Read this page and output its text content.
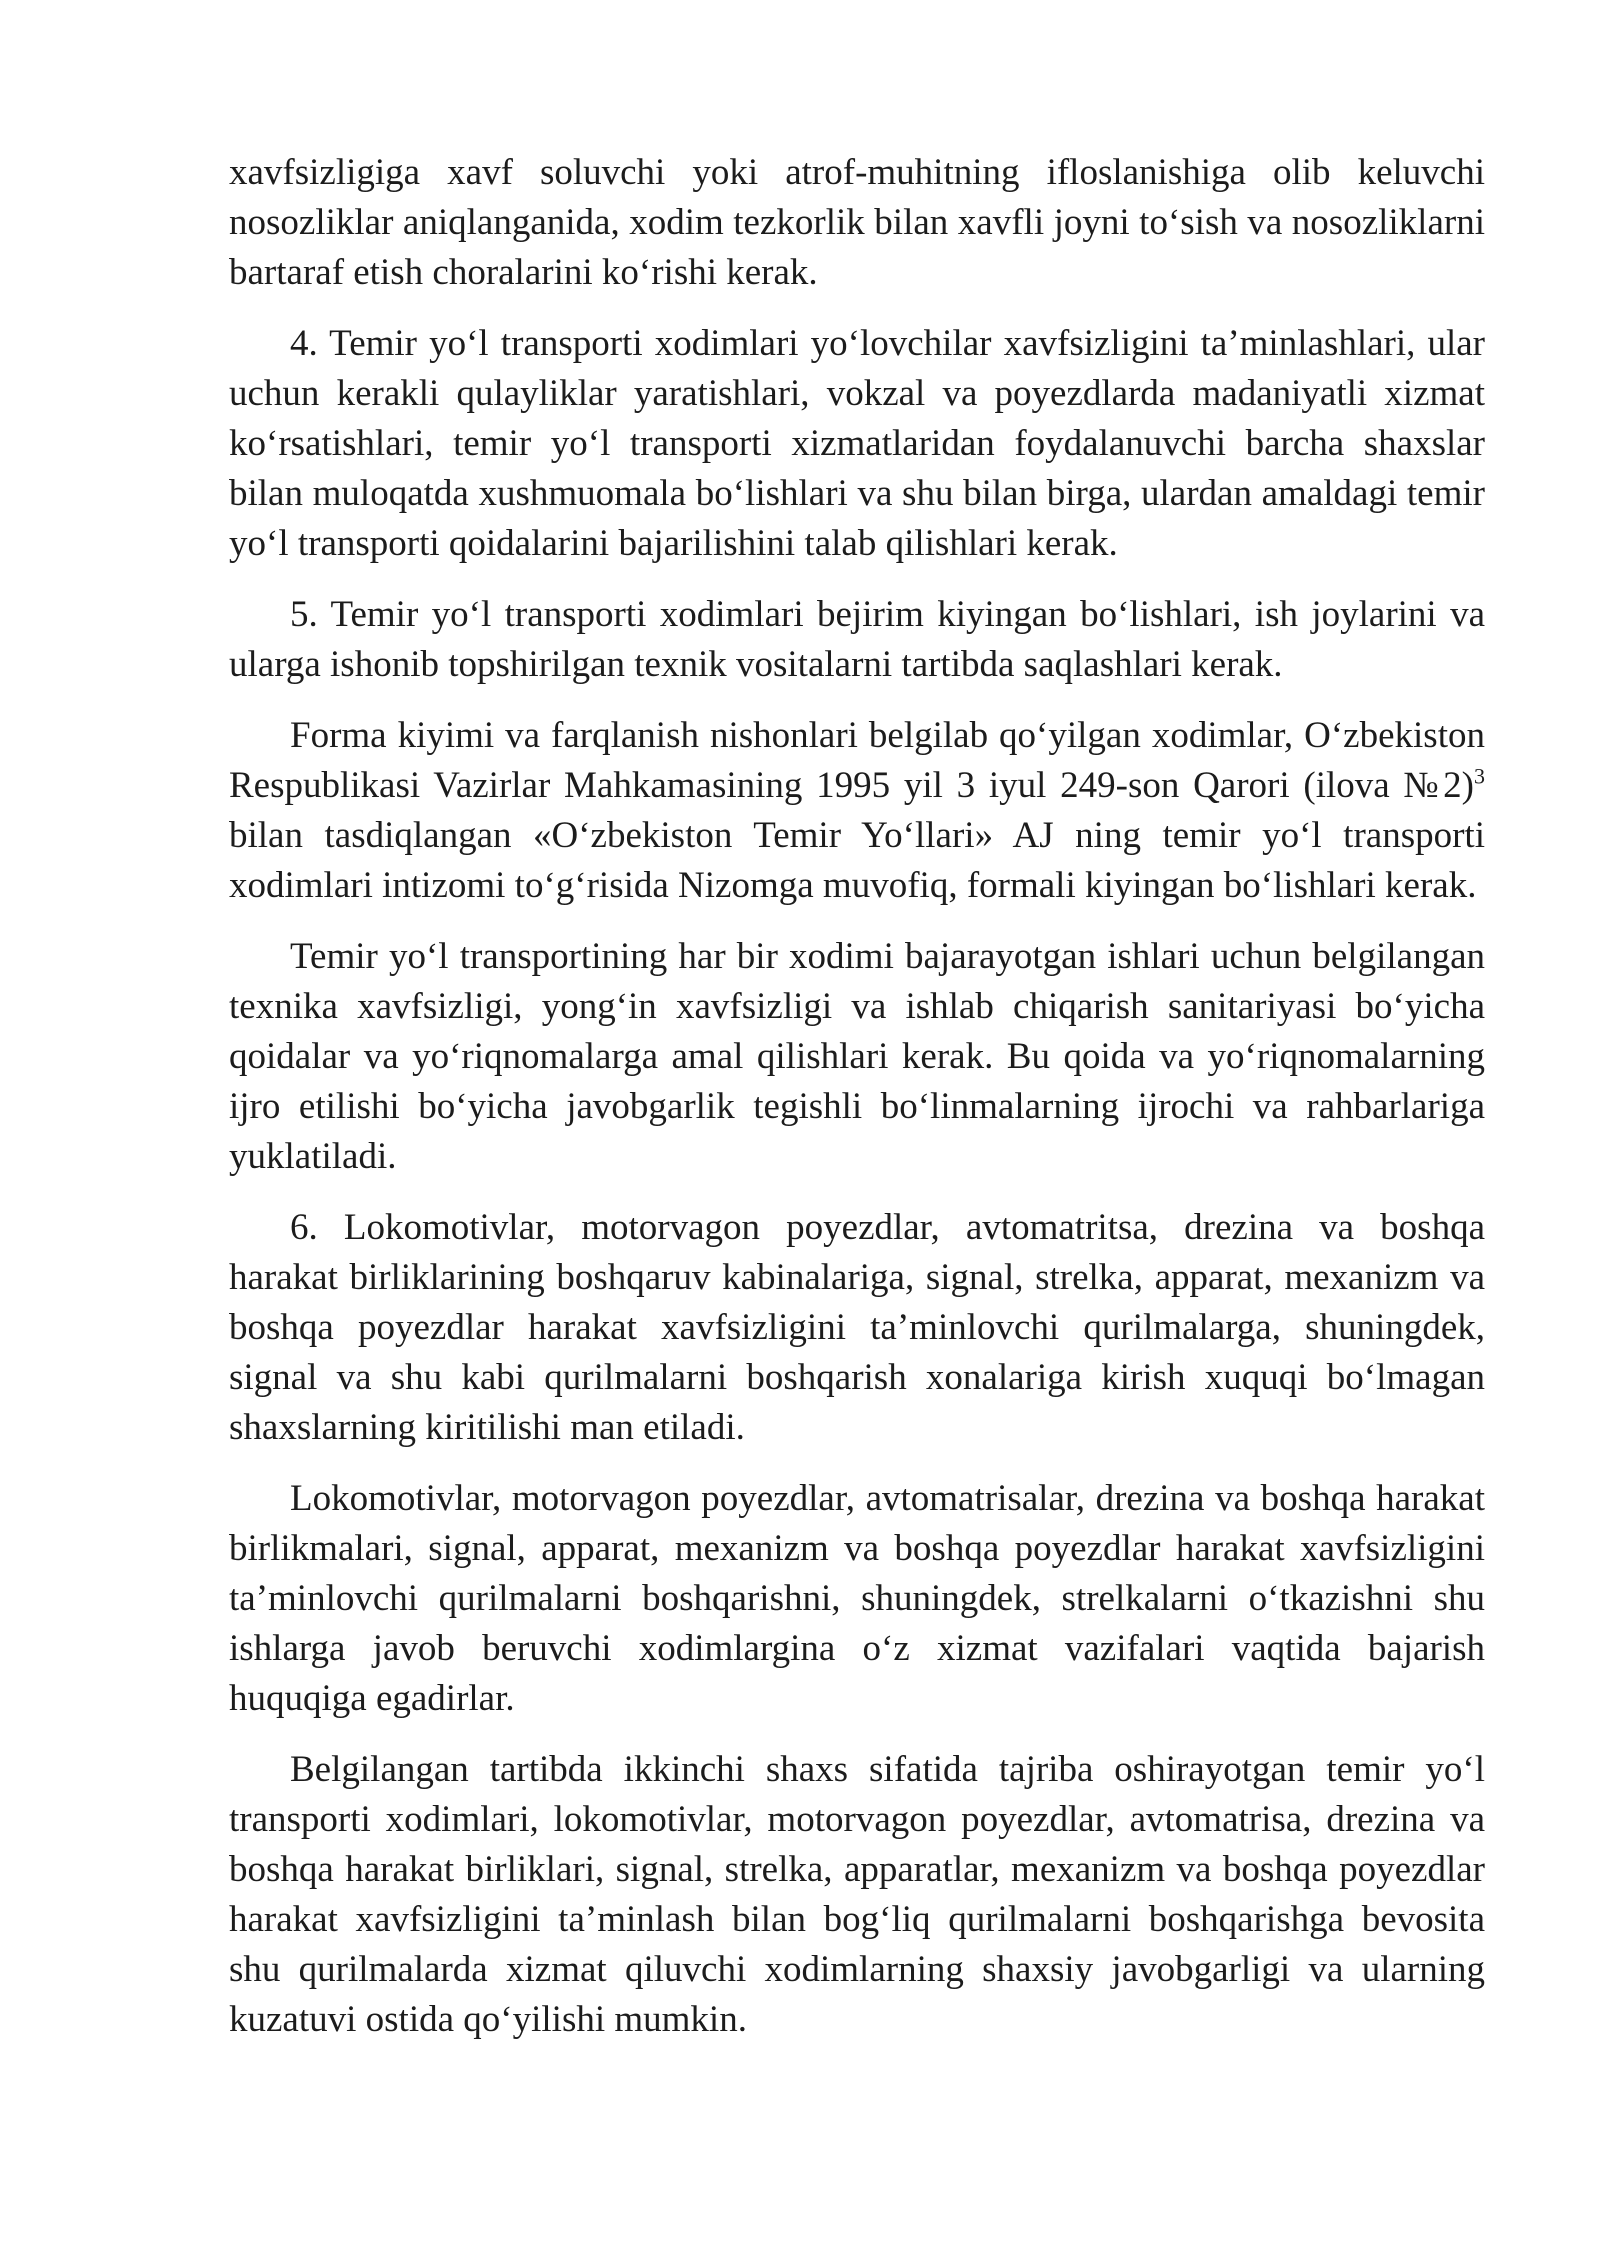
xavfsizligiga xavf soluvchi yoki atrof-muhitning ifloslanishiga olib keluvchi nosozliklar aniqlanganida, xodim tezkorlik bilan xavfli joyni to‘sish va nosozliklarni bartaraf etish choralarini ko‘rishi kerak.

4. Temir yo‘l transporti xodimlari yo‘lovchilar xavfsizligini ta’minlashlari, ular uchun kerakli qulayliklar yaratishlari, vokzal va poyezdlarda madaniyatli xizmat ko‘rsatishlari, temir yo‘l transporti xizmatlaridan foydalanuvchi barcha shaxslar bilan muloqatda xushmuomala bo‘lishlari va shu bilan birga, ulardan amaldagi temir yo‘l transporti qoidalarini bajarilishini talab qilishlari kerak.

5. Temir yo‘l transporti xodimlari bejirim kiyingan bo‘lishlari, ish joylarini va ularga ishonib topshirilgan texnik vositalarni tartibda saqlashlari kerak.

Forma kiyimi va farqlanish nishonlari belgilab qo‘yilgan xodimlar, O‘zbekiston Respublikasi Vazirlar Mahkamasining 1995 yil 3 iyul 249-son Qarori (ilova №2)$^3$ bilan tasdiqlangan «O‘zbekiston Temir Yo‘llari» AJ ning temir yo‘l transporti xodimlari intizomi to‘g‘risida Nizomga muvofiq, formali kiyingan bo‘lishlari kerak.

Temir yo‘l transportining har bir xodimi bajarayotgan ishlari uchun belgilangan texnika xavfsizligi, yong‘in xavfsizligi va ishlab chiqarish sanitariyasi bo‘yicha qoidalar va yo‘riqnomalarga amal qilishlari kerak. Bu qoida va yo‘riqnomalarning ijro etilishi bo‘yicha javobgarlik tegishli bo‘linmalarning ijrochi va rahbarlariga yuklatiladi.

6. Lokomotivlar, motorvagon poyezdlar, avtomatritsa, drezina va boshqa harakat birliklarining boshqaruv kabinalariga, signal, strelka, apparat, mexanizm va boshqa poyezdlar harakat xavfsizligini ta’minlovchi qurilmalarga, shuningdek, signal va shu kabi qurilmalarni boshqarish xonalariga kirish xuquqi bo‘lmagan shaxslarning kiritilishi man etiladi.

Lokomotivlar, motorvagon poyezdlar, avtomatrisalar, drezina va boshqa harakat birlikmalari, signal, apparat, mexanizm va boshqa poyezdlar harakat xavfsizligini ta’minlovchi qurilmalarni boshqarishni, shuningdek, strelkalarni o‘tkazishni shu ishlarga javob beruvchi xodimlargina o‘z xizmat vazifalari vaqtida bajarish huquqiga egadirlar.

Belgilangan tartibda ikkinchi shaxs sifatida tajriba oshirayotgan temir yo‘l transporti xodimlari, lokomotivlar, motorvagon poyezdlar, avtomatrisa, drezina va boshqa harakat birliklari, signal, strelka, apparatlar, mexanizm va boshqa poyezdlar harakat xavfsizligini ta’minlash bilan bog‘liq qurilmalarni boshqarishga bevosita shu qurilmalarda xizmat qiluvchi xodimlarning shaxsiy javobgarligi va ularning kuzatuvi ostida qo‘yilishi mumkin.
